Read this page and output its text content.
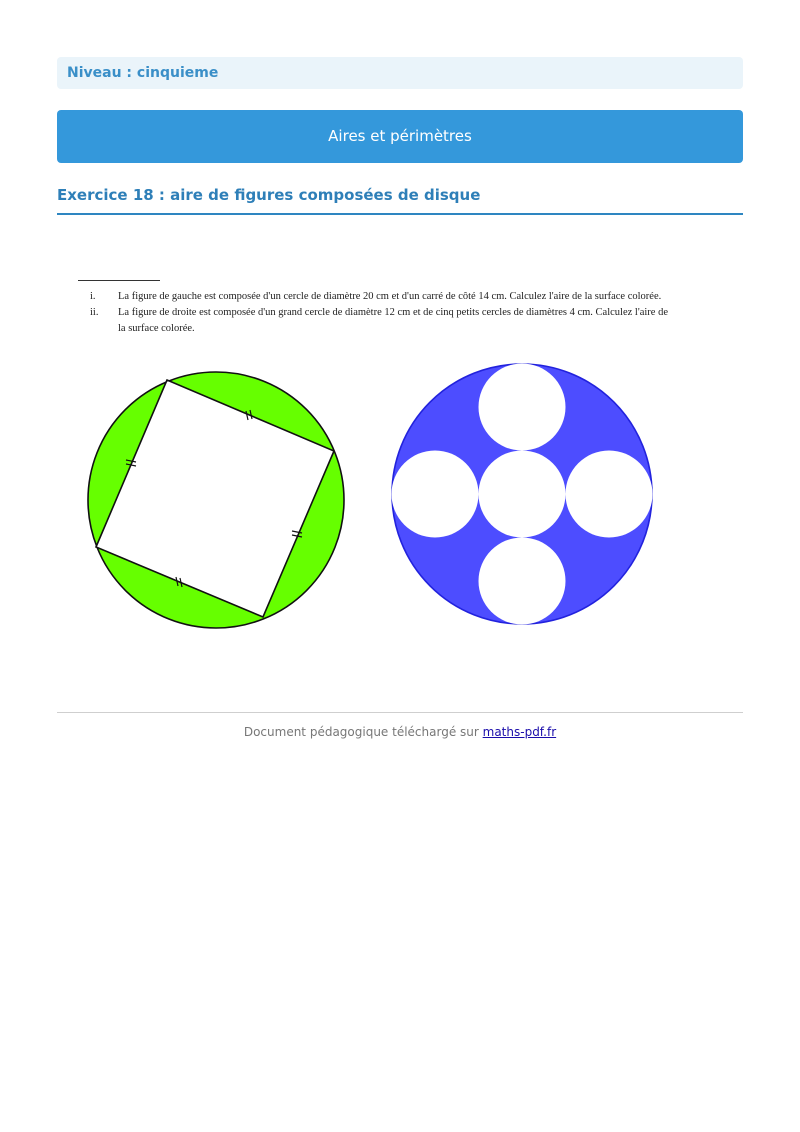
Niveau : cinquieme
Aires et périmètres
Exercice 18 : aire de figures composées de disque
i.	La figure de gauche est composée d'un cercle de diamètre 20 cm et d'un carré de côté 14 cm. Calculez l'aire de la surface colorée.
ii.	La figure de droite est composée d'un grand cercle de diamètre 12 cm et de cinq petits cercles de diamètres 4 cm. Calculez l'aire de la surface colorée.
Document pédagogique téléchargé sur maths-pdf.fr
